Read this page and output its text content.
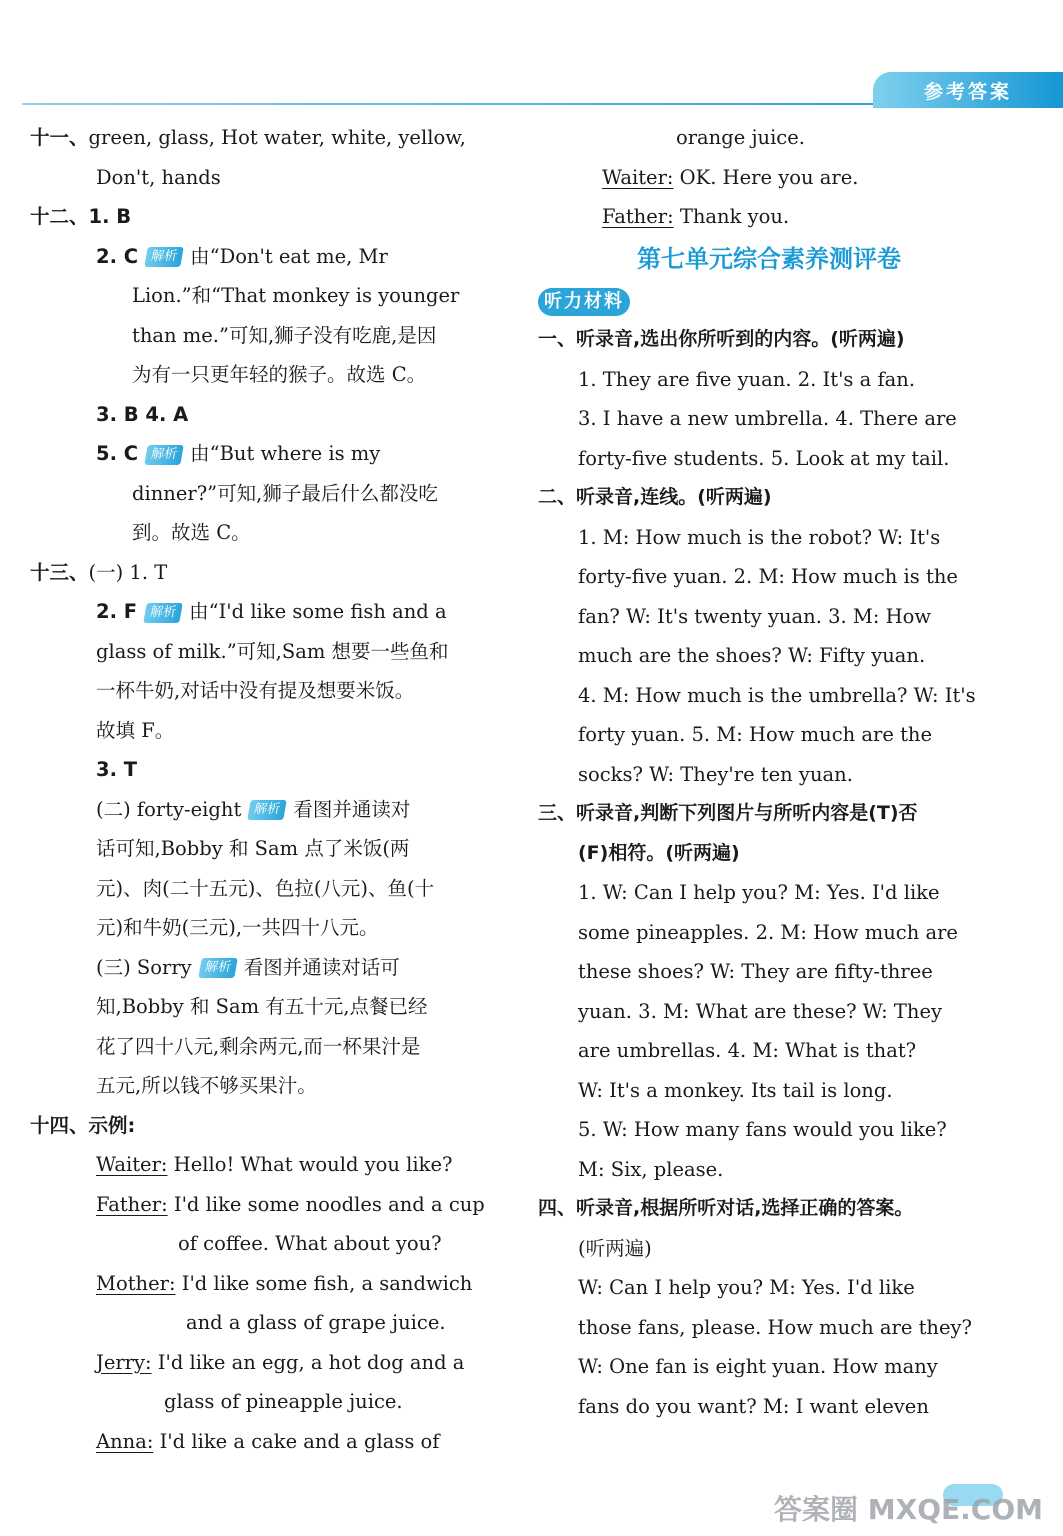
参考答案
十一、green, glass, Hot water, white, yellow,
Don't, hands
十二、1. B
2. C 解析 由“Don't eat me, Mr
Lion.”和“That monkey is younger
than me.”可知,狮子没有吃鹿,是因
为有一只更年轻的猴子。故选 C。
3. B 4. A
5. C 解析 由“But where is my
dinner?”可知,狮子最后什么都没吃
到。故选 C。
十三、(一) 1. T
2. F 解析 由“I'd like some fish and a
glass of milk.”可知,Sam 想要一些鱼和
一杯牛奶,对话中没有提及想要米饭。
故填 F。
3. T
(二) forty-eight 解析 看图并通读对
话可知,Bobby 和 Sam 点了米饭(两
元)、肉(二十五元)、色拉(八元)、鱼(十
元)和牛奶(三元),一共四十八元。
(三) Sorry 解析 看图并通读对话可
知,Bobby 和 Sam 有五十元,点餐已经
花了四十八元,剩余两元,而一杯果汁是
五元,所以钱不够买果汁。
十四、示例:
Waiter: Hello! What would you like?
Father: I'd like some noodles and a cup
of coffee. What about you?
Mother: I'd like some fish, a sandwich
and a glass of grape juice.
Jerry: I'd like an egg, a hot dog and a
glass of pineapple juice.
Anna: I'd like a cake and a glass of
orange juice.
Waiter: OK. Here you are.
Father: Thank you.
第七单元综合素养测评卷
听力材料
一、听录音,选出你所听到的内容。(听两遍)
1. They are five yuan. 2. It's a fan.
3. I have a new umbrella. 4. There are
forty-five students. 5. Look at my tail.
二、听录音,连线。(听两遍)
1. M: How much is the robot? W: It's
forty-five yuan. 2. M: How much is the
fan? W: It's twenty yuan. 3. M: How
much are the shoes? W: Fifty yuan.
4. M: How much is the umbrella? W: It's
forty yuan. 5. M: How much are the
socks? W: They're ten yuan.
三、听录音,判断下列图片与所听内容是(T)否
(F)相符。(听两遍)
1. W: Can I help you? M: Yes. I'd like
some pineapples. 2. M: How much are
these shoes? W: They are fifty-three
yuan. 3. M: What are these? W: They
are umbrellas. 4. M: What is that?
W: It's a monkey. Its tail is long.
5. W: How many fans would you like?
M: Six, please.
四、听录音,根据所听对话,选择正确的答案。
(听两遍)
W: Can I help you? M: Yes. I'd like
those fans, please. How much are they?
W: One fan is eight yuan. How many
fans do you want? M: I want eleven
答案圈 MXQE.COM
